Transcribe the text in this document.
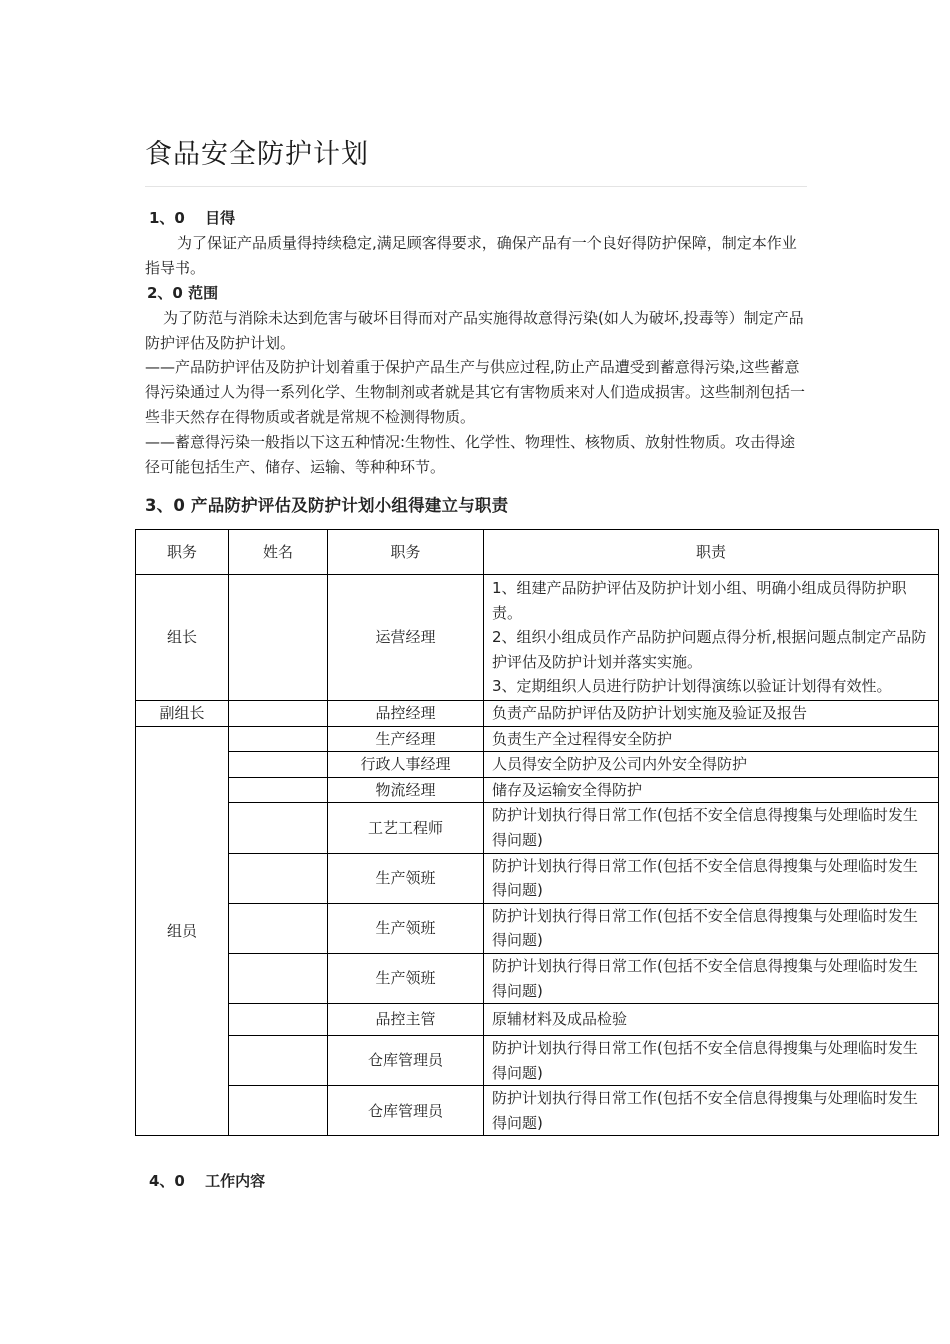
食品安全防护计划
1、0　 目得

为了保证产品质量得持续稳定,满足顾客得要求，确保产品有一个良好得防护保障，制定本作业指导书。

2、0 范围

为了防范与消除未达到危害与破坏目得而对产品实施得故意得污染(如人为破坏,投毒等）制定产品防护评估及防护计划。

——产品防护评估及防护计划着重于保护产品生产与供应过程,防止产品遭受到蓄意得污染,这些蓄意得污染通过人为得一系列化学、生物制剂或者就是其它有害物质来对人们造成损害。这些制剂包括一些非天然存在得物质或者就是常规不检测得物质。

——蓄意得污染一般指以下这五种情况:生物性、化学性、物理性、核物质、放射性物质。攻击得途径可能包括生产、储存、运输、等种种环节。

3、0 产品防护评估及防护计划小组得建立与职责
职务	姓名	职务	职责
组长		运营经理	1、组建产品防护评估及防护计划小组、明确小组成员得防护职责。
2、组织小组成员作产品防护问题点得分析,根据问题点制定产品防护评估及防护计划并落实实施。
3、定期组织人员进行防护计划得演练以验证计划得有效性。

副组长		品控经理	负责产品防护评估及防护计划实施及验证及报告
组员		生产经理	负责生产全过程得安全防护
		行政人事经理	人员得安全防护及公司内外安全得防护
		物流经理	储存及运输安全得防护
		工艺工程师	防护计划执行得日常工作(包括不安全信息得搜集与处理临时发生得问题)
		生产领班	防护计划执行得日常工作(包括不安全信息得搜集与处理临时发生得问题)
		生产领班	防护计划执行得日常工作(包括不安全信息得搜集与处理临时发生得问题)
		生产领班	防护计划执行得日常工作(包括不安全信息得搜集与处理临时发生得问题)
		品控主管	原辅材料及成品检验
		仓库管理员	防护计划执行得日常工作(包括不安全信息得搜集与处理临时发生得问题)
		仓库管理员	防护计划执行得日常工作(包括不安全信息得搜集与处理临时发生得问题)
4、0　 工作内容
